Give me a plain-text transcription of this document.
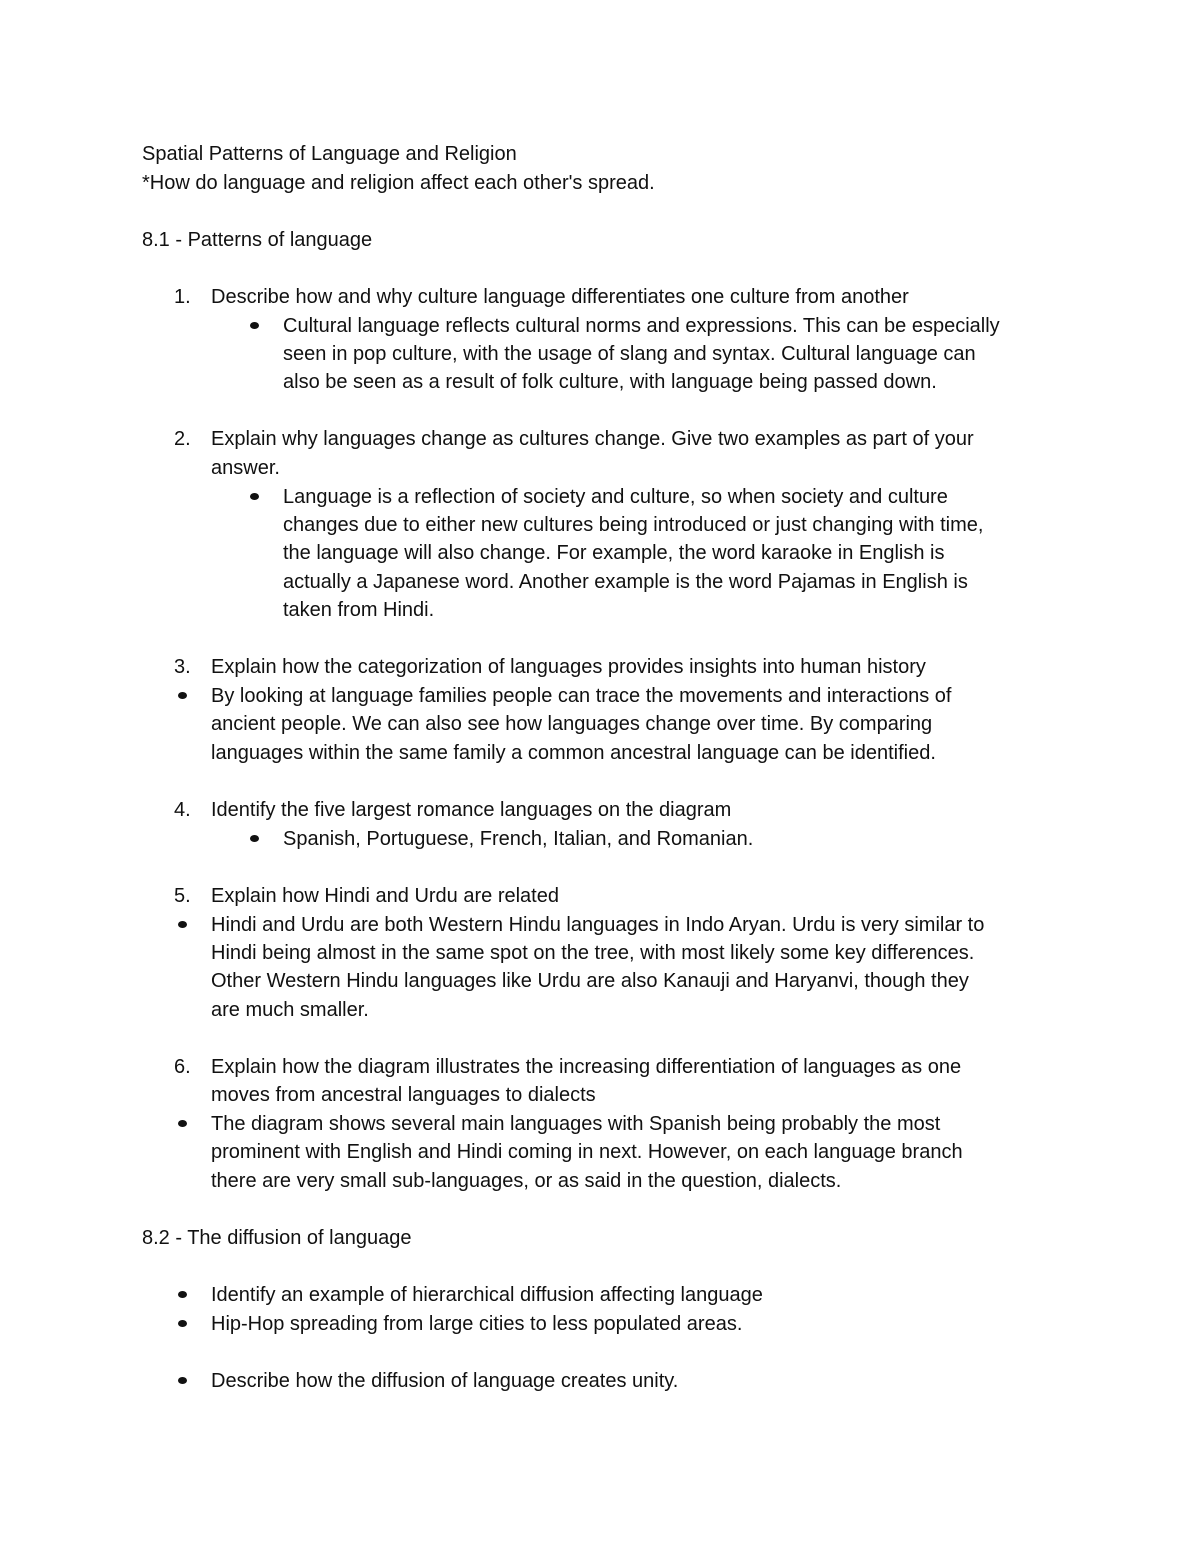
Spatial Patterns of Language and Religion
*How do language and religion affect each other's spread.
8.1 - Patterns of language
1. Describe how and why culture language differentiates one culture from another
Cultural language reflects cultural norms and expressions. This can be especially
seen in pop culture, with the usage of slang and syntax. Cultural language can
also be seen as a result of folk culture, with language being passed down.
2. Explain why languages change as cultures change. Give two examples as part of your
answer.
Language is a reflection of society and culture, so when society and culture
changes due to either new cultures being introduced or just changing with time,
the language will also change. For example, the word karaoke in English is
actually a Japanese word. Another example is the word Pajamas in English is
taken from Hindi.
3. Explain how the categorization of languages provides insights into human history
By looking at language families people can trace the movements and interactions of
ancient people. We can also see how languages change over time. By comparing
languages within the same family a common ancestral language can be identified.
4. Identify the five largest romance languages on the diagram
Spanish, Portuguese, French, Italian, and Romanian.
5. Explain how Hindi and Urdu are related
Hindi and Urdu are both Western Hindu languages in Indo Aryan. Urdu is very similar to
Hindi being almost in the same spot on the tree, with most likely some key differences.
Other Western Hindu languages like Urdu are also Kanauji and Haryanvi, though they
are much smaller.
6. Explain how the diagram illustrates the increasing differentiation of languages as one
moves from ancestral languages to dialects
The diagram shows several main languages with Spanish being probably the most
prominent with English and Hindi coming in next. However, on each language branch
there are very small sub-languages, or as said in the question, dialects.
8.2 - The diffusion of language
Identify an example of hierarchical diffusion affecting language
Hip-Hop spreading from large cities to less populated areas.
Describe how the diffusion of language creates unity.
